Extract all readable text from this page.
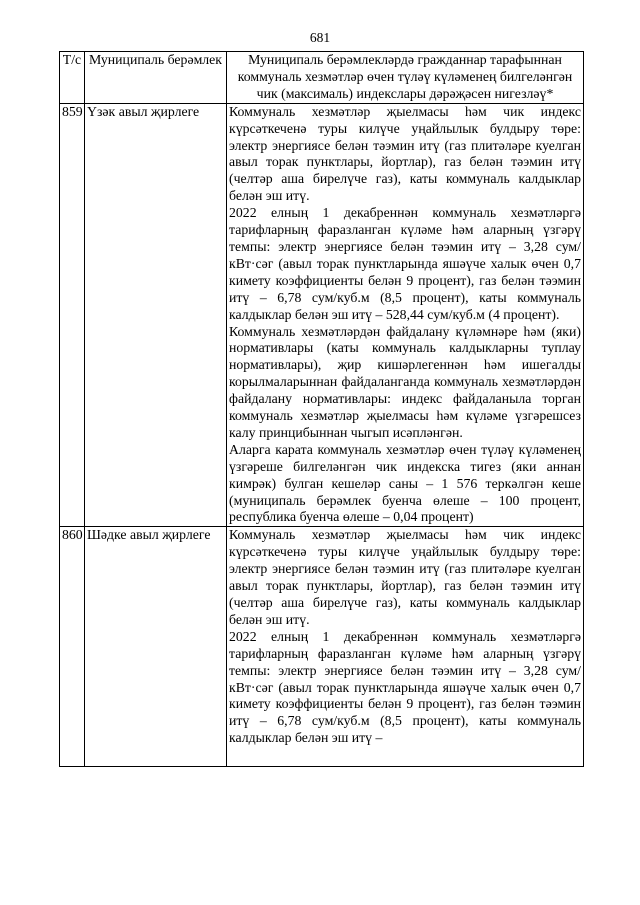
681
Т/с	Муниципаль берәмлек	Муниципаль берәмлекләрдә гражданнар тарафыннан коммуналь хезмәтләр өчен түләү күләменең билгеләнгән чик (максималь) индекслары дәрәҗәсен нигезләү*
859	Үзәк авыл җирлеге	Коммуналь хезмәтләр җыелмасы һәм чик индекс күрсәткеченә туры килүче уңайлылык булдыру төре: электр энергиясе белән тәэмин итү (газ плитәләре куелган авыл торак пунктлары, йортлар), газ белән тәэмин итү (челтәр аша бирелүче газ), каты коммуналь калдыклар белән эш итү.

2022 елның 1 декабреннән коммуналь хезмәтләргә тарифларның фаразланган күләме һәм аларның үзгәрү темпы: электр энергиясе белән тәэмин итү – 3,28 сум/кВт·сәг (авыл торак пунктларында яшәүче халык өчен 0,7 кимету коэффициенты белән 9 процент), газ белән тәэмин итү – 6,78 сум/куб.м (8,5 процент), каты коммуналь калдыклар белән эш итү – 528,44 сум/куб.м (4 процент).

Коммуналь хезмәтләрдән файдалану күләмнәре һәм (яки) нормативлары (каты коммуналь калдыкларны туплау нормативлары), җир кишәрлегеннән һәм ишегалды корылмаларыннан файдаланганда коммуналь хезмәтләрдән файдалану нормативлары: индекс файдаланыла торган коммуналь хезмәтләр җыелмасы һәм күләме үзгәрешсез калу принцибыннан чыгып исәпләнгән.

Аларга карата коммуналь хезмәтләр өчен түләү күләменең үзгәреше билгеләнгән чик индекска тигез (яки аннан кимрәк) булган кешеләр саны – 1 576 теркәлгән кеше (муниципаль берәмлек буенча өлеше – 100 процент, республика буенча өлеше – 0,04 процент)

860	Шәдке авыл җирлеге	Коммуналь хезмәтләр җыелмасы һәм чик индекс күрсәткеченә туры килүче уңайлылык булдыру төре: электр энергиясе белән тәэмин итү (газ плитәләре куелган авыл торак пунктлары, йортлар), газ белән тәэмин итү (челтәр аша бирелүче газ), каты коммуналь калдыклар белән эш итү.

2022 елның 1 декабреннән коммуналь хезмәтләргә тарифларның фаразланган күләме һәм аларның үзгәрү темпы: электр энергиясе белән тәэмин итү – 3,28 сум/кВт·сәг (авыл торак пунктларында яшәүче халык өчен 0,7 кимету коэффициенты белән 9 процент), газ белән тәэмин итү – 6,78 сум/куб.м (8,5 процент), каты коммуналь калдыклар белән эш итү –
